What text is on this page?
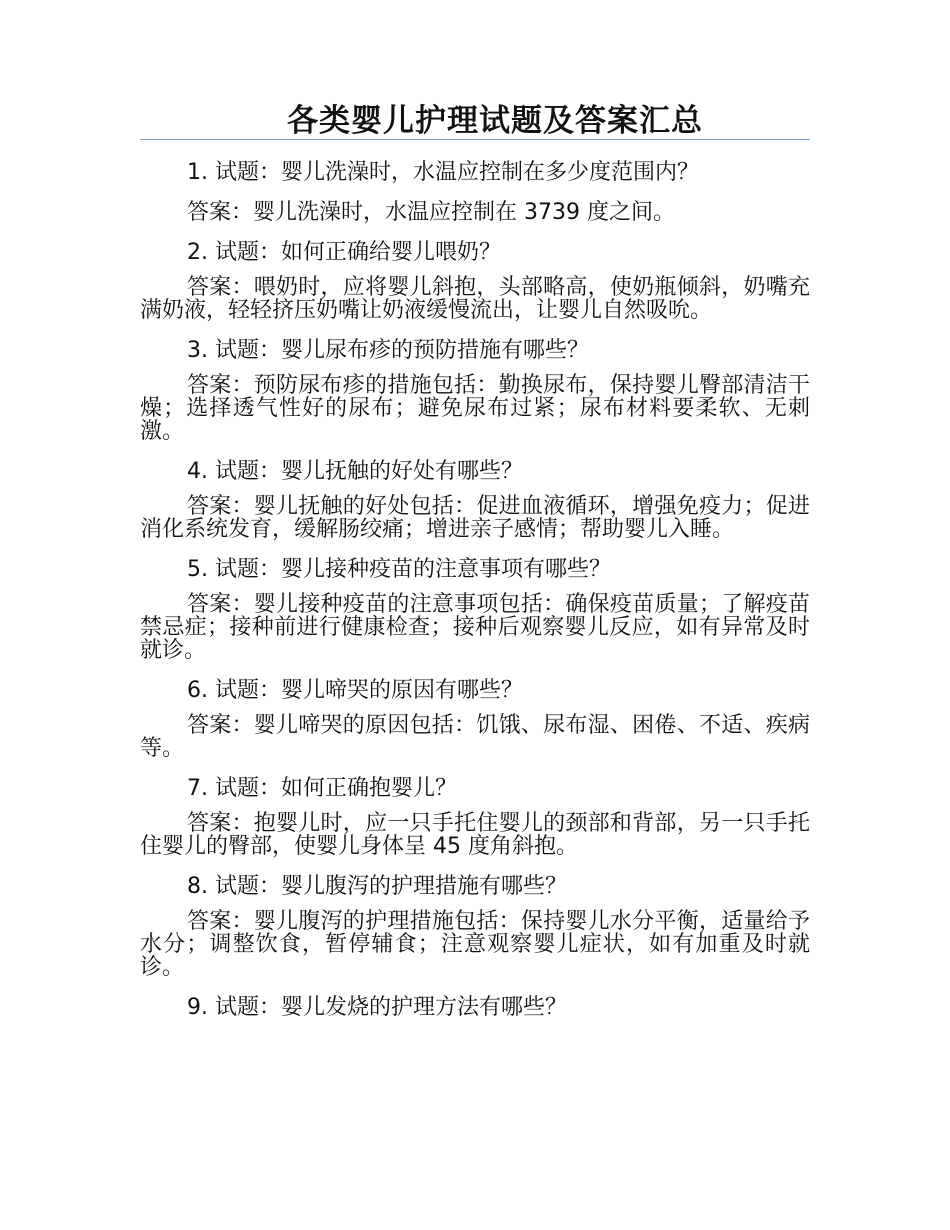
各类婴儿护理试题及答案汇总

1. 试题：婴儿洗澡时，水温应控制在多少度范围内？

答案：婴儿洗澡时，水温应控制在 3739 度之间。

2. 试题：如何正确给婴儿喂奶？

答案：喂奶时，应将婴儿斜抱，头部略高，使奶瓶倾斜，奶嘴充满奶液，轻轻挤压奶嘴让奶液缓慢流出，让婴儿自然吸吮。

3. 试题：婴儿尿布疹的预防措施有哪些？

答案：预防尿布疹的措施包括：勤换尿布，保持婴儿臀部清洁干燥；选择透气性好的尿布；避免尿布过紧；尿布材料要柔软、无刺激。

4. 试题：婴儿抚触的好处有哪些？

答案：婴儿抚触的好处包括：促进血液循环，增强免疫力；促进消化系统发育，缓解肠绞痛；增进亲子感情；帮助婴儿入睡。

5. 试题：婴儿接种疫苗的注意事项有哪些？

答案：婴儿接种疫苗的注意事项包括：确保疫苗质量；了解疫苗禁忌症；接种前进行健康检查；接种后观察婴儿反应，如有异常及时就诊。

6. 试题：婴儿啼哭的原因有哪些？

答案：婴儿啼哭的原因包括：饥饿、尿布湿、困倦、不适、疾病等。

7. 试题：如何正确抱婴儿？

答案：抱婴儿时，应一只手托住婴儿的颈部和背部，另一只手托住婴儿的臀部，使婴儿身体呈 45 度角斜抱。

8. 试题：婴儿腹泻的护理措施有哪些？

答案：婴儿腹泻的护理措施包括：保持婴儿水分平衡，适量给予水分；调整饮食，暂停辅食；注意观察婴儿症状，如有加重及时就诊。

9. 试题：婴儿发烧的护理方法有哪些？
